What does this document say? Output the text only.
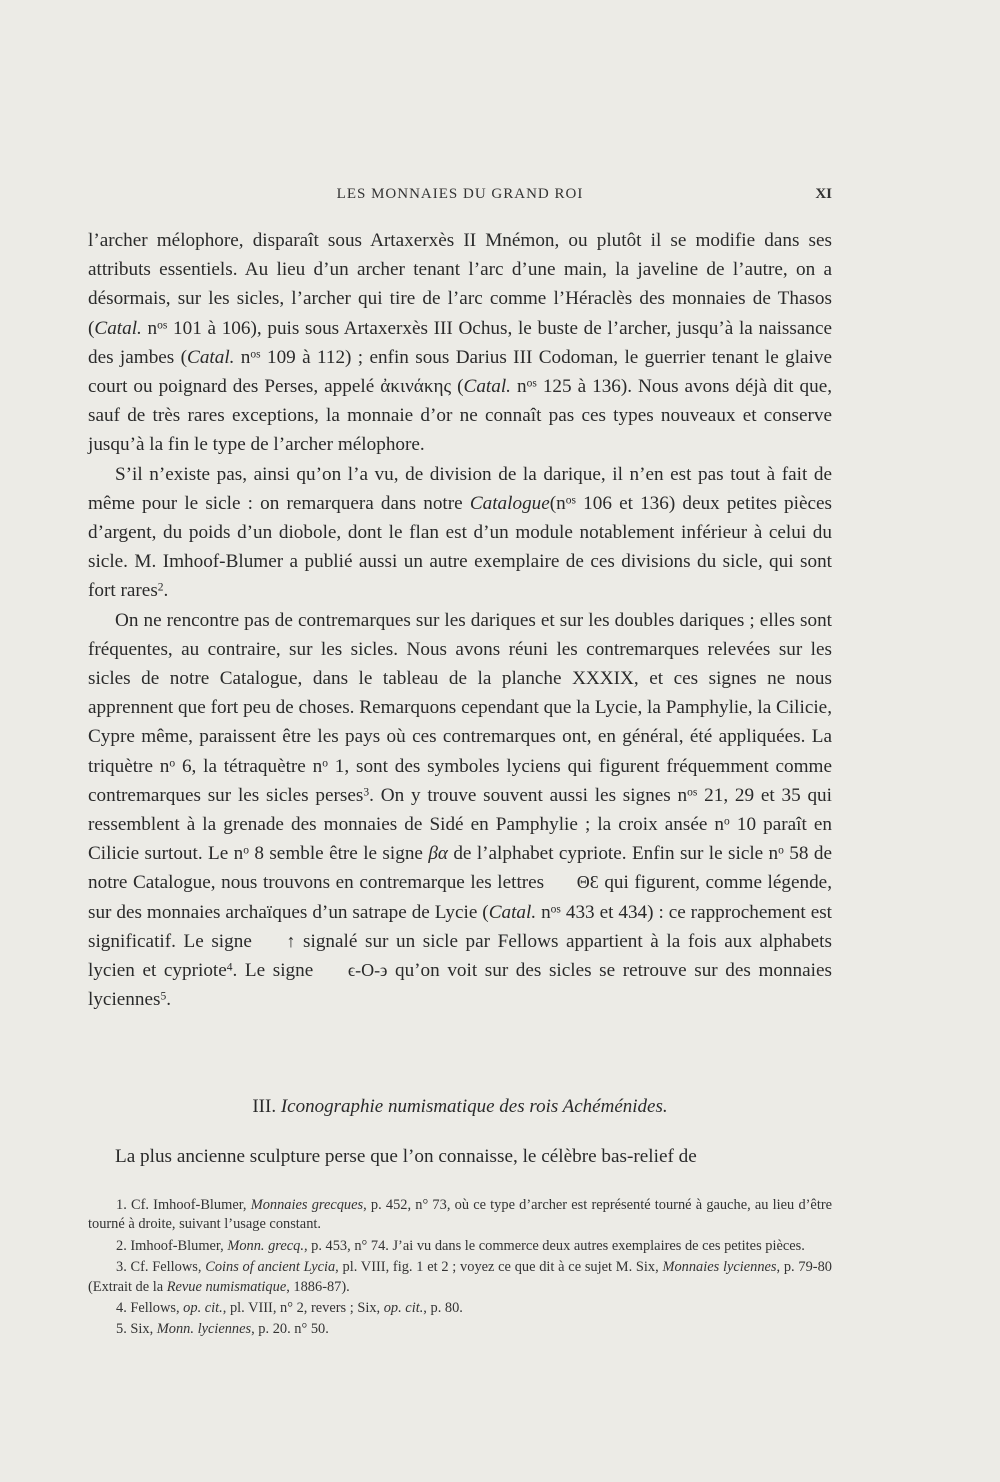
LES MONNAIES DU GRAND ROI	XI

l’archer mélophore, disparaît sous Artaxerxès II Mnémon, ou plutôt il se modifie dans ses attributs essentiels. Au lieu d’un archer tenant l’arc d’une main, la javeline de l’autre, on a désormais, sur les sicles, l’archer qui tire de l’arc comme l’Héraclès des monnaies de Thasos (Catal. $n^{os}$ 101 à 106), puis sous Artaxerxès III Ochus, le buste de l’archer, jusqu’à la naissance des jambes (Catal. $n^{os}$ 109 à 112) ; enfin sous Darius III Codoman, le guerrier tenant le glaive court ou poignard des Perses, appelé ἀκινάκης (Catal. $n^{os}$ 125 à 136). Nous avons déjà dit que, sauf de très rares exceptions, la monnaie d’or ne connaît pas ces types nouveaux et conserve jusqu’à la fin le type de l’archer mélophore.

S’il n’existe pas, ainsi qu’on l’a vu, de division de la darique, il n’en est pas tout à fait de même pour le sicle : on remarquera dans notre $Catalogue(n^{os}$ 106 et 136) deux petites pièces d’argent, du poids d’un diobole, dont le flan est d’un module notablement inférieur à celui du sicle. M. Imhoof-Blumer a publié aussi un autre exemplaire de ces divisions du sicle, qui sont fort rares$^2$.

On ne rencontre pas de contremarques sur les dariques et sur les doubles dariques ; elles sont fréquentes, au contraire, sur les sicles. Nous avons réuni les contremarques relevées sur les sicles de notre Catalogue, dans le tableau de la planche XXXIX, et ces signes ne nous apprennent que fort peu de choses. Remarquons cependant que la Lycie, la Pamphylie, la Cilicie, Cypre même, paraissent être les pays où ces contremarques ont, en général, été appliquées. La triquètre $n^o$ 6, la tétraquètre $n^o$ 1, sont des symboles lyciens qui figurent fréquemment comme contremarques sur les sicles perses$^3$. On y trouve souvent aussi les signes $n^{os}$ 21, 29 et 35 qui ressemblent à la grenade des monnaies de Sidé en Pamphylie ; la croix ansée $n^o$ 10 paraît en Cilicie surtout. Le $n^o$ 8 semble être le signe βα de l’alphabet cypriote. Enfin sur le sicle $n^o$ 58 de notre Catalogue, nous trouvons en contremarque les lettres ΘƐ qui figurent, comme légende, sur des monnaies archaïques d’un satrape de Lycie (Catal. $n^{os}$ 433 et 434) : ce rapprochement est significatif. Le signe ↑ signalé sur un sicle par Fellows appartient à la fois aux alphabets lycien et cypriote$^4$. Le signe ϵ-О-϶ qu’on voit sur des sicles se retrouve sur des monnaies lyciennes$^5$.

III. Iconographie numismatique des rois Achéménides.
La plus ancienne sculpture perse que l’on connaisse, le célèbre bas-relief de

1. Cf. Imhoof-Blumer, Monnaies grecques, p. 452, n° 73, où ce type d’archer est représenté tourné à gauche, au lieu d’être tourné à droite, suivant l’usage constant.

2. Imhoof-Blumer, Monn. grecq., p. 453, n° 74. J’ai vu dans le commerce deux autres exemplaires de ces petites pièces.

3. Cf. Fellows, Coins of ancient Lycia, pl. VIII, fig. 1 et 2 ; voyez ce que dit à ce sujet M. Six, Monnaies lyciennes, p. 79-80 (Extrait de la Revue numismatique, 1886-87).

4. Fellows, op. cit., pl. VIII, n° 2, revers ; Six, op. cit., p. 80.

5. Six, Monn. lyciennes, p. 20. n° 50.
